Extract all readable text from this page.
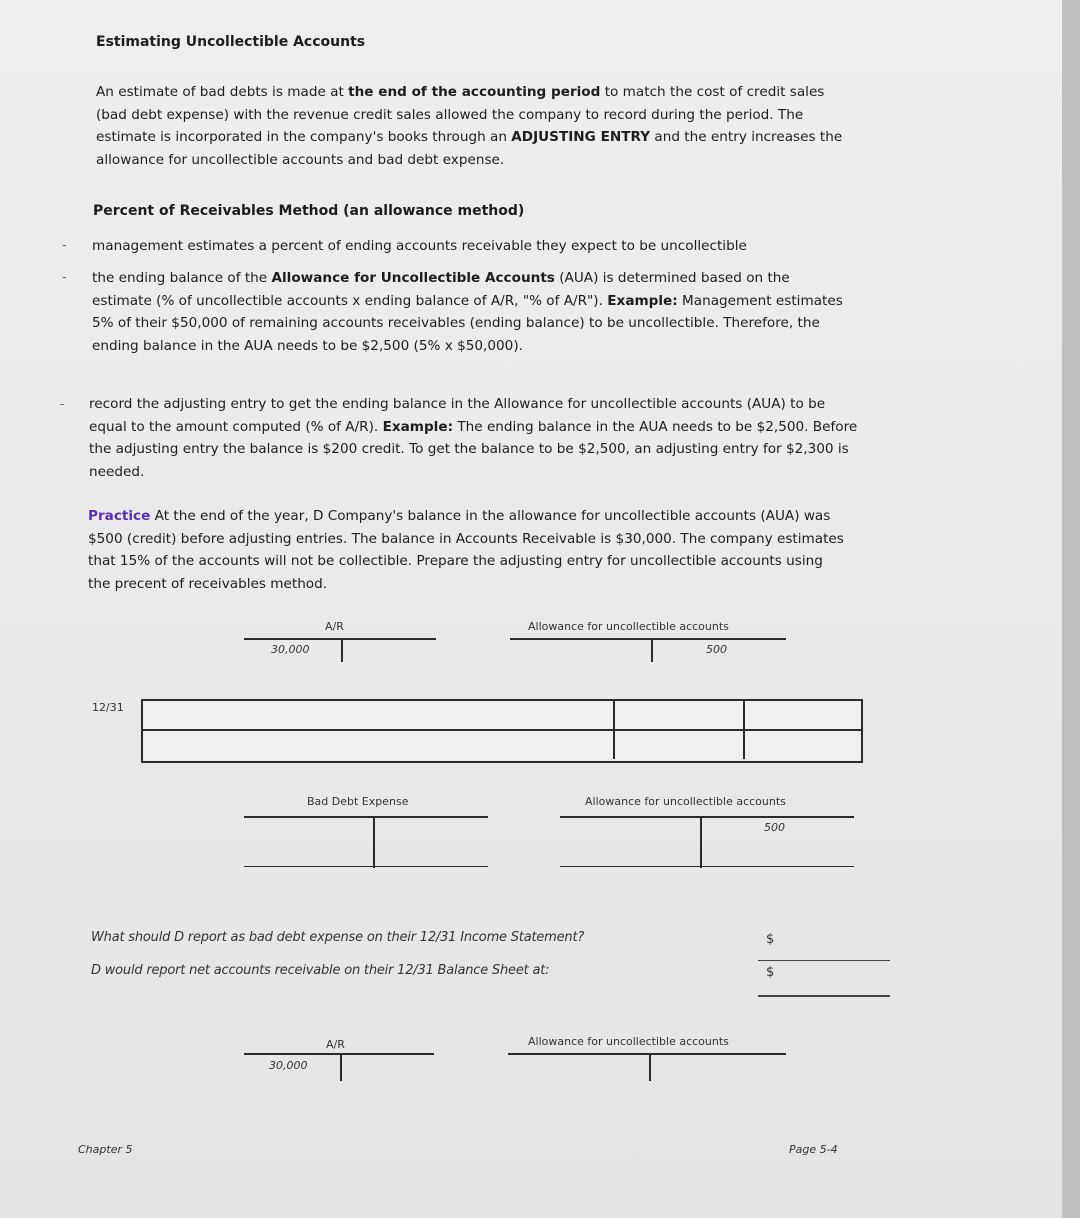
Estimating Uncollectible Accounts
An estimate of bad debts is made at the end of the accounting period to match the cost of credit sales (bad debt expense) with the revenue credit sales allowed the company to record during the period. The estimate is incorporated in the company's books through an ADJUSTING ENTRY and the entry increases the allowance for uncollectible accounts and bad debt expense.
Percent of Receivables Method (an allowance method)
- management estimates a percent of ending accounts receivable they expect to be uncollectible
- the ending balance of the Allowance for Uncollectible Accounts (AUA) is determined based on the estimate (% of uncollectible accounts x ending balance of A/R, "% of A/R"). Example: Management estimates 5% of their $50,000 of remaining accounts receivables (ending balance) to be uncollectible. Therefore, the ending balance in the AUA needs to be $2,500 (5% x $50,000).
- record the adjusting entry to get the ending balance in the Allowance for uncollectible accounts (AUA) to be equal to the amount computed (% of A/R). Example: The ending balance in the AUA needs to be $2,500. Before the adjusting entry the balance is $200 credit. To get the balance to be $2,500, an adjusting entry for $2,300 is needed.
Practice At the end of the year, D Company's balance in the allowance for uncollectible accounts (AUA) was $500 (credit) before adjusting entries. The balance in Accounts Receivable is $30,000. The company estimates that 15% of the accounts will not be collectible. Prepare the adjusting entry for uncollectible accounts using the precent of receivables method.
A/R
30,000
Allowance for uncollectible accounts
500
12/31
Bad Debt Expense	Allowance for uncollectible accounts
500
What should D report as bad debt expense on their 12/31 Income Statement?	$
D would report net accounts receivable on their 12/31 Balance Sheet at:	$
A/R
30,000
Allowance for uncollectible accounts
Chapter 5	Page 5-4
